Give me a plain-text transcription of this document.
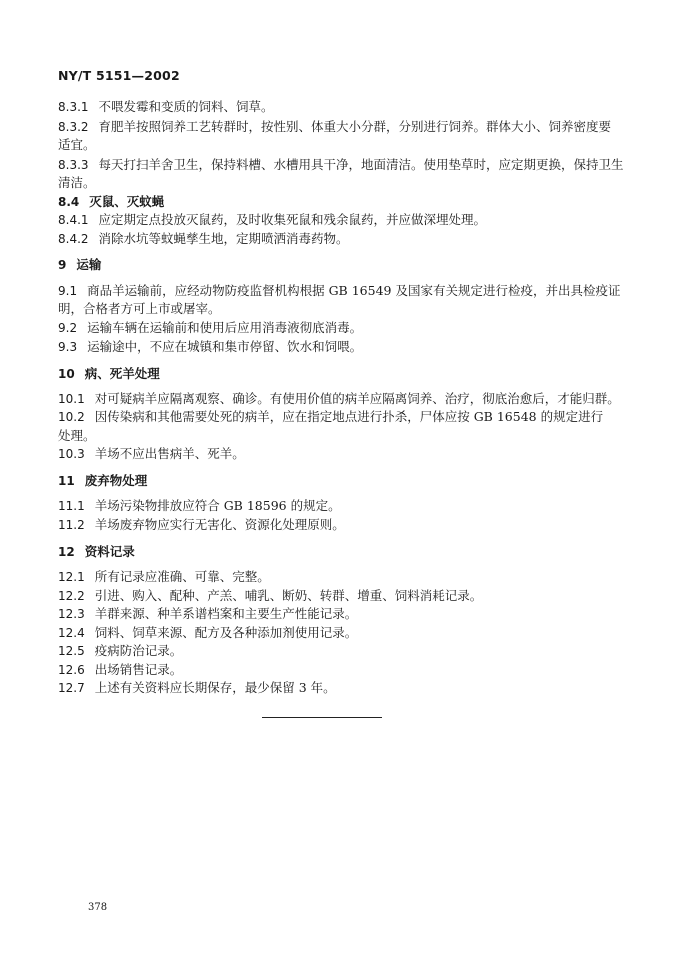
NY/T 5151—2002
8.3.1 不喂发霉和变质的饲料、饲草。
8.3.2 育肥羊按照饲养工艺转群时，按性别、体重大小分群，分别进行饲养。群体大小、饲养密度要
适宜。
8.3.3 每天打扫羊舍卫生，保持料槽、水槽用具干净，地面清洁。使用垫草时，应定期更换，保持卫生
清洁。
8.4 灭鼠、灭蚊蝇
8.4.1 应定期定点投放灭鼠药，及时收集死鼠和残余鼠药，并应做深埋处理。
8.4.2 消除水坑等蚊蝇孳生地，定期喷洒消毒药物。
9 运输
9.1 商品羊运输前，应经动物防疫监督机构根据 GB 16549 及国家有关规定进行检疫，并出具检疫证
明，合格者方可上市或屠宰。
9.2 运输车辆在运输前和使用后应用消毒液彻底消毒。
9.3 运输途中，不应在城镇和集市停留、饮水和饲喂。
10 病、死羊处理
10.1 对可疑病羊应隔离观察、确诊。有使用价值的病羊应隔离饲养、治疗，彻底治愈后，才能归群。
10.2 因传染病和其他需要处死的病羊，应在指定地点进行扑杀，尸体应按 GB 16548 的规定进行
处理。
10.3 羊场不应出售病羊、死羊。
11 废弃物处理
11.1 羊场污染物排放应符合 GB 18596 的规定。
11.2 羊场废弃物应实行无害化、资源化处理原则。
12 资料记录
12.1 所有记录应准确、可靠、完整。
12.2 引进、购入、配种、产羔、哺乳、断奶、转群、增重、饲料消耗记录。
12.3 羊群来源、种羊系谱档案和主要生产性能记录。
12.4 饲料、饲草来源、配方及各种添加剂使用记录。
12.5 疫病防治记录。
12.6 出场销售记录。
12.7 上述有关资料应长期保存，最少保留 3 年。
378
